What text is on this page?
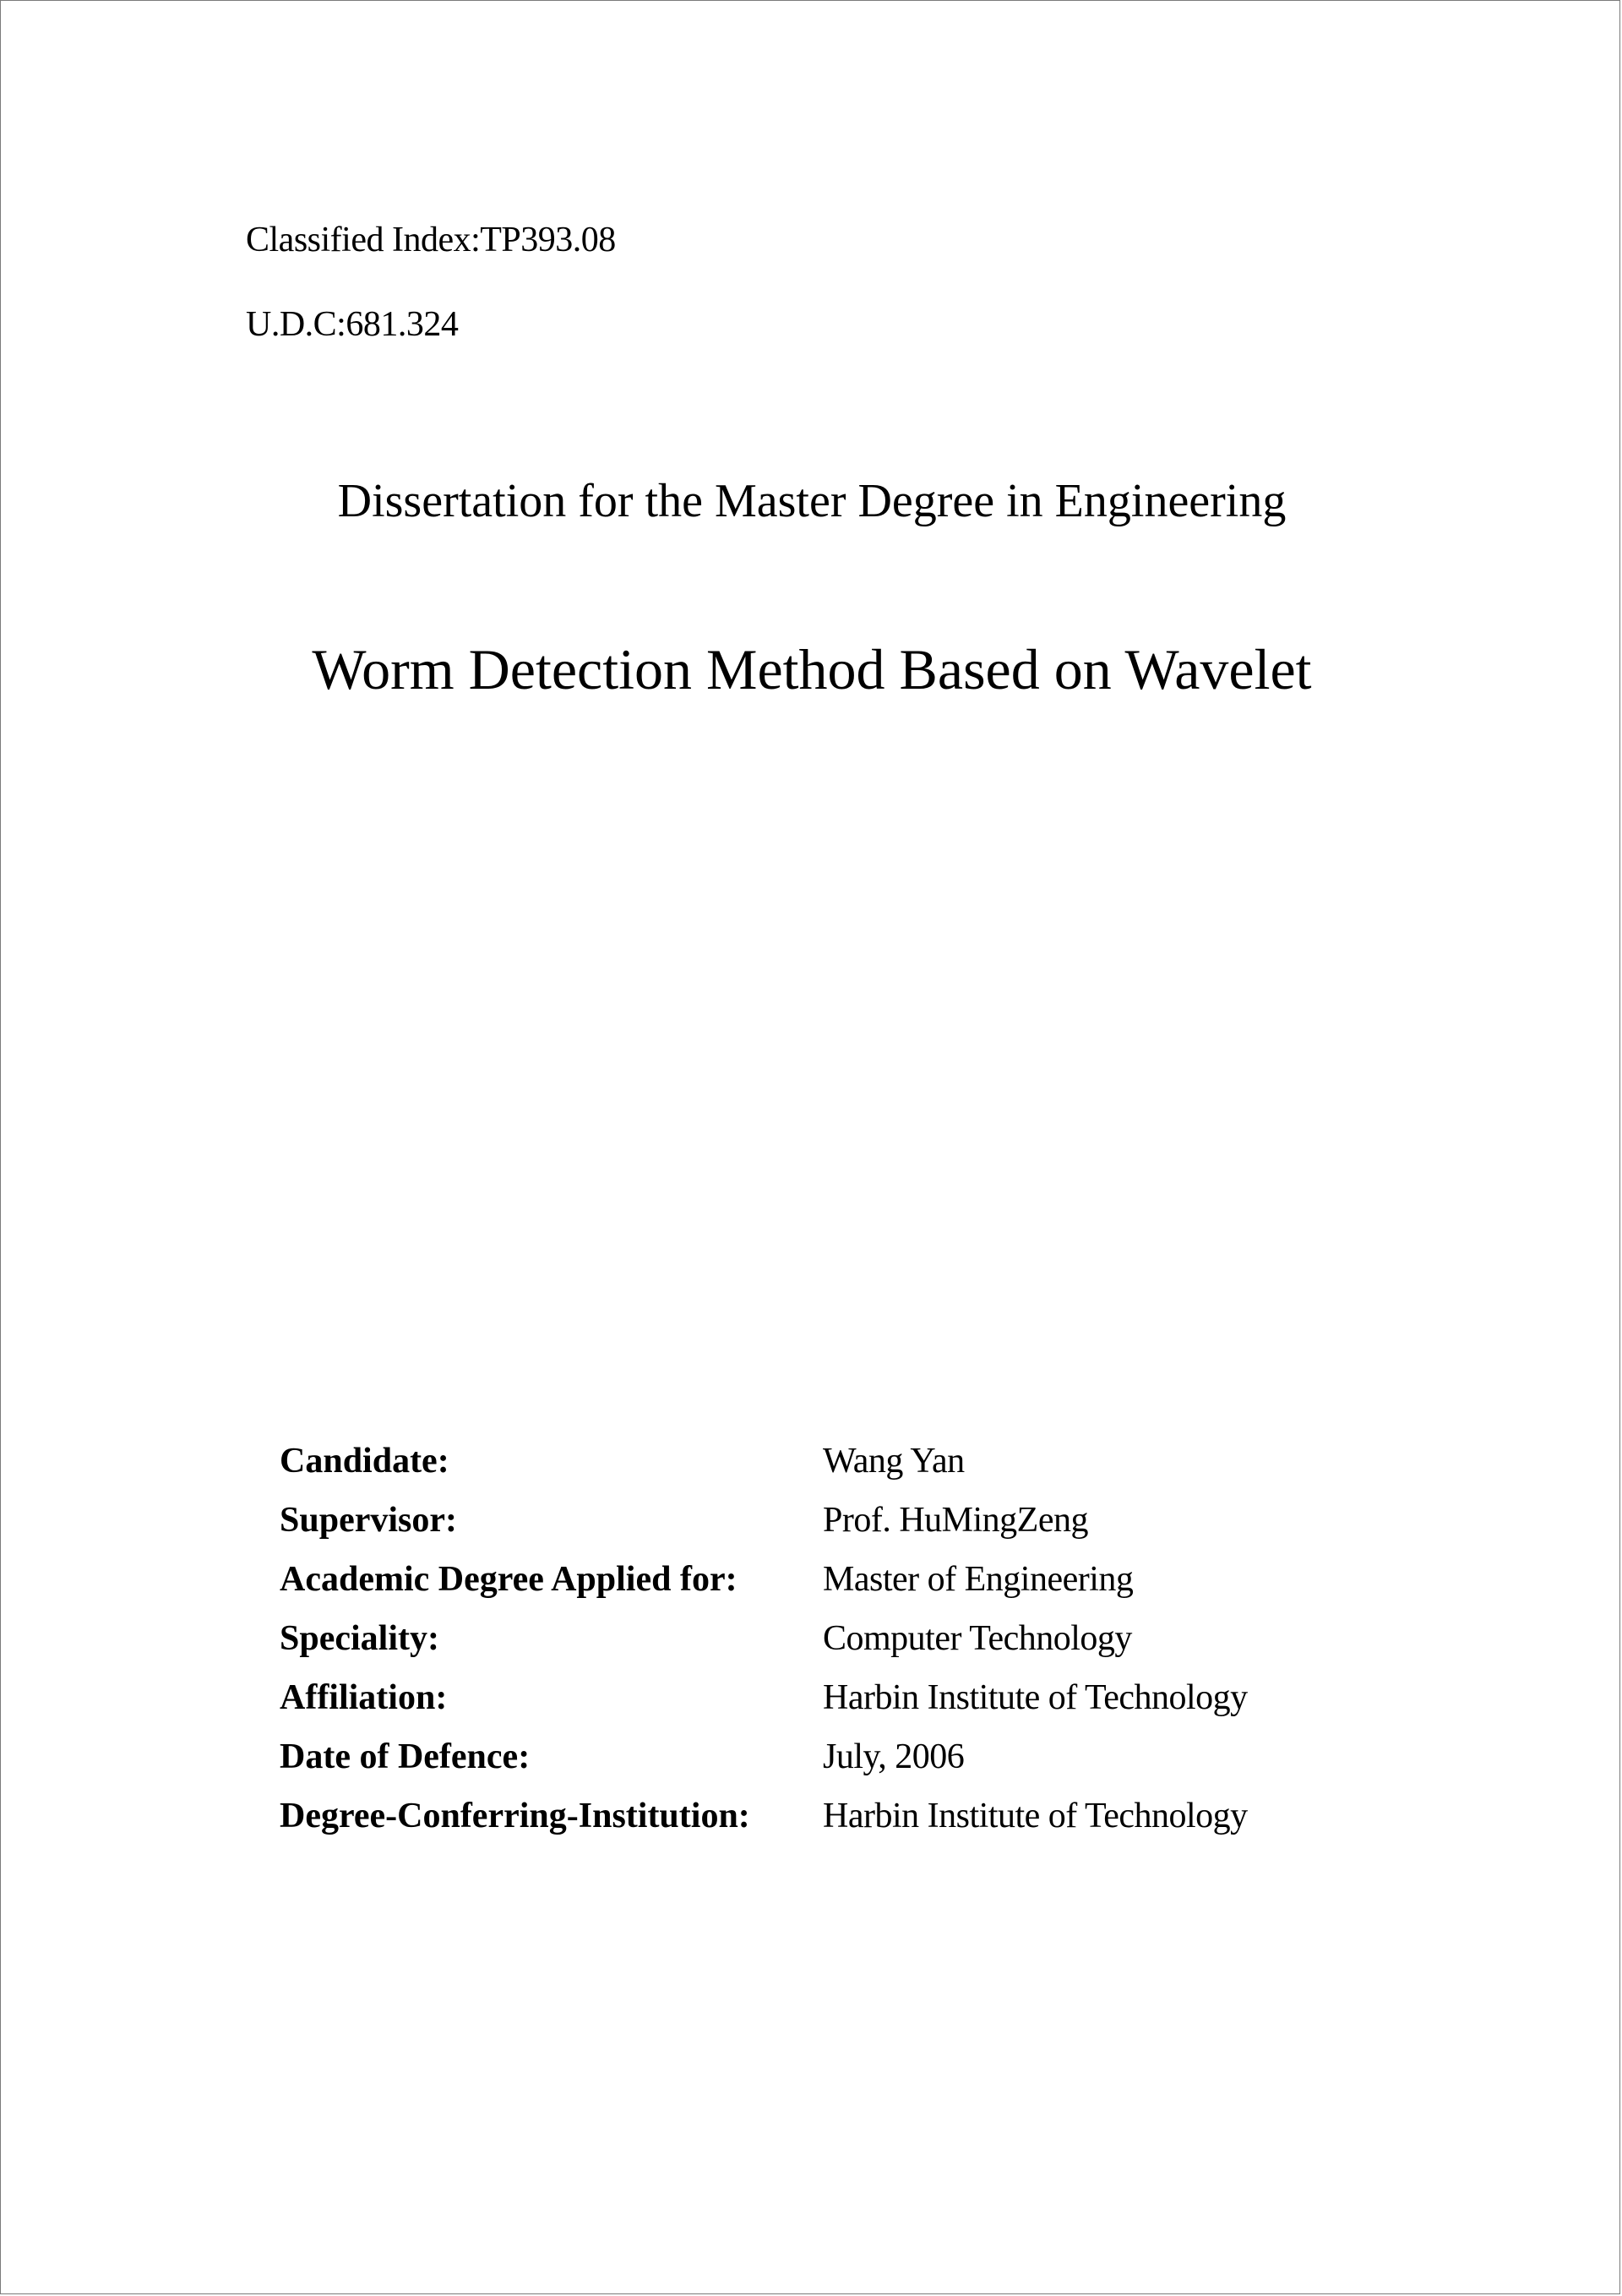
Classified Index:TP393.08
U.D.C:681.324
Dissertation for the Master Degree in Engineering
Worm Detection Method Based on Wavelet
Candidate:	Wang Yan
Supervisor:	Prof. HuMingZeng
Academic Degree Applied for: Master of Engineering
Speciality:	Computer Technology
Affiliation:	Harbin Institute of Technology
Date of Defence:	July, 2006
Degree-Conferring-Institution: Harbin Institute of Technology
